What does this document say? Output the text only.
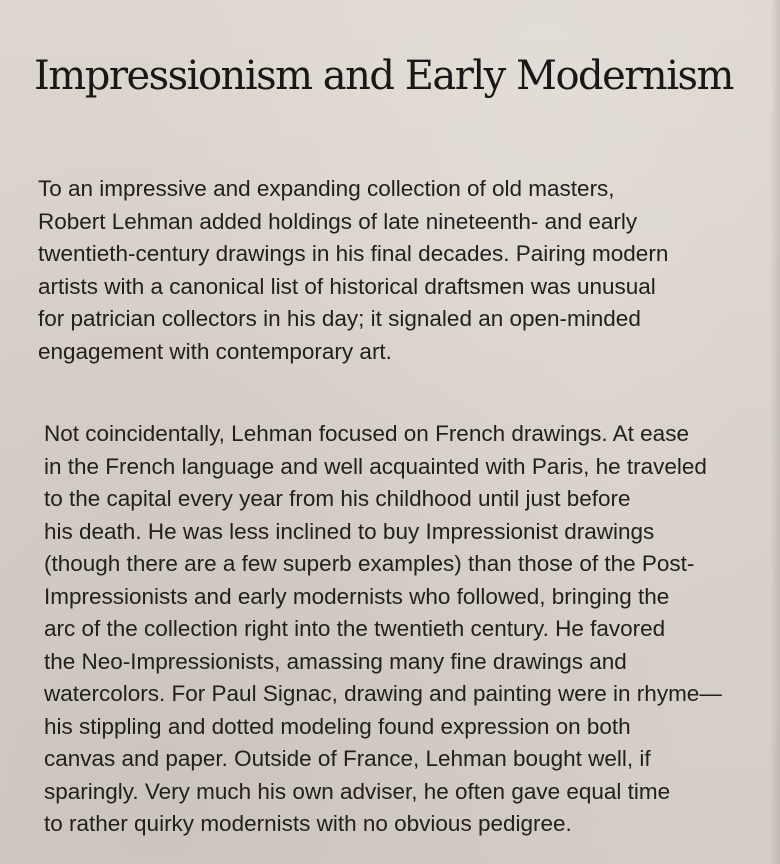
Impressionism and Early Modernism

To an impressive and expanding collection of old masters,
Robert Lehman added holdings of late nineteenth- and early
twentieth-century drawings in his final decades. Pairing modern
artists with a canonical list of historical draftsmen was unusual
for patrician collectors in his day; it signaled an open-minded
engagement with contemporary art.

Not coincidentally, Lehman focused on French drawings. At ease
in the French language and well acquainted with Paris, he traveled
to the capital every year from his childhood until just before
his death. He was less inclined to buy Impressionist drawings
(though there are a few superb examples) than those of the Post-
Impressionists and early modernists who followed, bringing the
arc of the collection right into the twentieth century. He favored
the Neo-Impressionists, amassing many fine drawings and
watercolors. For Paul Signac, drawing and painting were in rhyme—
his stippling and dotted modeling found expression on both
canvas and paper. Outside of France, Lehman bought well, if
sparingly. Very much his own adviser, he often gave equal time
to rather quirky modernists with no obvious pedigree.
